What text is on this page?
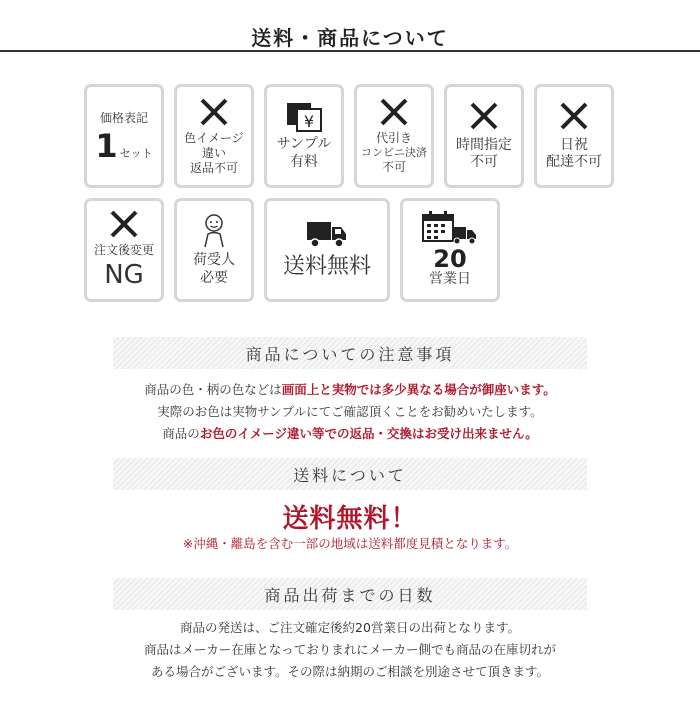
送料・商品について
価格表記
1 セット
色イメージ
違い
返品不可
¥
サンプル
有料
代引き
コンビニ決済
不可
時間指定
不可
日祝
配達不可
注文後変更
NG	荷受人
必要 送料無料	20
営業日
商品についての注意事項
商品の色・柄の色などは画面上と実物では多少異なる場合が御座います。
実際のお色は実物サンプルにてご確認頂くことをお勧めいたします。
商品のお色のイメージ違い等での返品・交換はお受け出来ません。
送料について
送料無料！
※沖縄・離島を含む一部の地域は送料都度見積となります。
商品出荷までの日数
商品の発送は、ご注文確定後約20営業日の出荷となります。
商品はメーカー在庫となっておりまれにメーカー側でも商品の在庫切れが
ある場合がございます。その際は納期のご相談を別途させて頂きます。
